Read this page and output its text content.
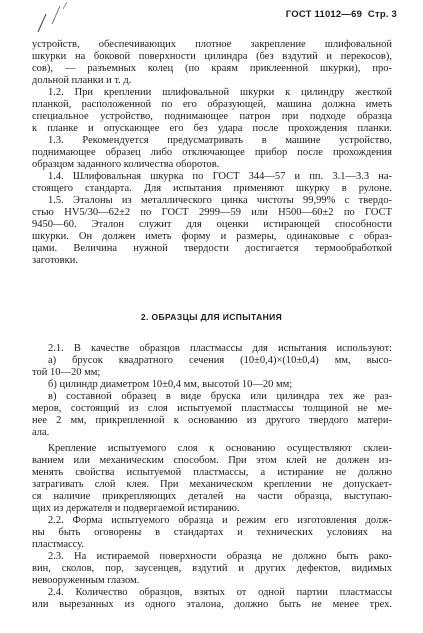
ГОСТ 11012—69 Стр. 3
устройств, обеспечивающих плотное закрепление шлифовальной
шкурки на боковой поверхности цилиндра (без вздутий и перекосов),
сов), — разъемных колец (по краям приклеенной шкурки), про-
дольной планки и т. д.
1.2. При креплении шлифовальной шкурки к цилиндру жесткой
планкой, расположенной по его образующей, машина должна иметь
специальное устройство, поднимающее патрон при подходе образца
к планке и опускающее его без удара после прохождения планки.
1.3. Рекомендуется предусматривать в машине устройство,
поднимающее образец либо отключающее прибор после прохождения
образцом заданного количества оборотов.
1.4. Шлифовальная шкурка по ГОСТ 344—57 и пп. 3.1—3.3 на-
стоящего стандарта. Для испытания применяют шкурку в рулоне.
1.5. Эталоны из металлического цинка чистоты 99,99% с твердо-
стью НV5/30—62±2 по ГОСТ 2999—59 или Н500—60±2 по ГОСТ
9450—60. Эталон служит для оценки истирающей способности
шкурки. Он должен иметь форму и размеры, одинаковые с образ-
цами. Величина нужной твердости достигается термообработкой
заготовки.
2. ОБРАЗЦЫ ДЛЯ ИСПЫТАНИЯ
2.1. В качестве образцов пластмассы для испытания используют:
а) брусок квадратного сечения (10±0,4)×(10±0,4) мм, высо-
той 10—20 мм;
б) цилиндр диаметром 10±0,4 мм, высотой 10—20 мм;
в) составной образец в виде бруска или цилиндра тех же раз-
меров, состоящий из слоя испытуемой пластмассы толщиной не ме-
нее 2 мм, прикрепленной к основанию из другого твердого матери-
ала.
Крепление испытуемого слоя к основанию осуществляют склеи-
ванием или механическим способом. При этом клей не должен из-
менять свойства испытуемой пластмассы, а истирание не должно
затрагивать слой клея. При механическом креплении не допускает-
ся наличие прикрепляющих деталей на части образца, выступаю-
щих из держателя и подвергаемой истиранию.
2.2. Форма испытуемого образца и режим его изготовления долж-
ны быть оговорены в стандартах и технических условиях на
пластмассу.
2.3. На истираемой поверхности образца не должно быть рако-
вин, сколов, пор, заусенцев, вздутий и других дефектов, видимых
невооруженным глазом.
2.4. Количество образцов, взятых от одной партии пластмассы
или вырезанных из одного эталона, должно быть не менее трех.
